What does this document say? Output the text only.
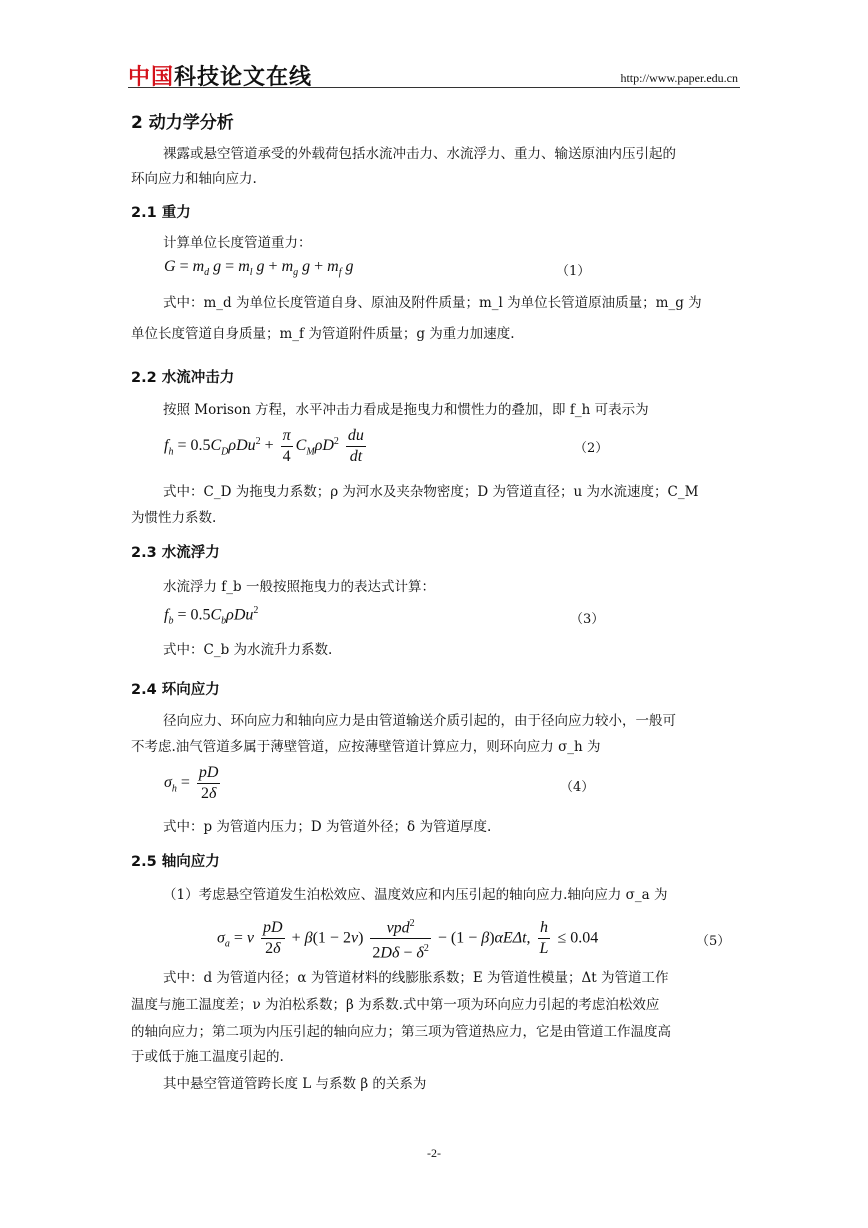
中国科技论文在线	http://www.paper.edu.cn
2 动力学分析
裸露或悬空管道承受的外载荷包括水流冲击力、水流浮力、重力、输送原油内压引起的
环向应力和轴向应力.
2.1 重力
计算单位长度管道重力：
$G = m_d$ $g = m_l$ $g + m_g$ $g + m_f$ g	（1）
式中：m_d 为单位长度管道自身、原油及附件质量；m_l 为单位长管道原油质量；m_g 为
单位长度管道自身质量；m_f 为管道附件质量；g 为重力加速度.
2.2 水流冲击力
按照 Morison 方程，水平冲击力看成是拖曳力和惯性力的叠加，即 f_h 可表示为
$f_h = 0.5C_D\rho Du^2 + \frac{\pi}{4} C_M\rho D^2 \frac{du}{dt}$	（2）
式中：C_D 为拖曳力系数；ρ 为河水及夹杂物密度；D 为管道直径；u 为水流速度；C_M
为惯性力系数.
2.3 水流浮力
水流浮力 f_b 一般按照拖曳力的表达式计算：
$f_b = 0.5C_b\rho Du^2$
（3）
式中：C_b 为水流升力系数.
2.4 环向应力
径向应力、环向应力和轴向应力是由管道输送介质引起的，由于径向应力较小，一般可
不考虑.油气管道多属于薄壁管道，应按薄壁管道计算应力，则环向应力 σ_h 为
$\sigma_h = \frac{pD}{2\delta}$	（4）
式中：p 为管道内压力；D 为管道外径；δ 为管道厚度.
2.5 轴向应力
（1）考虑悬空管道发生泊松效应、温度效应和内压引起的轴向应力.轴向应力 σ_a 为
$\sigma_a = \nu \frac{pD}{2\delta} + \beta(1 - 2\nu) \frac{\nu pd^2}{2D\delta - \delta^2} - (1 - \beta)\alpha E\Delta t$, $\frac{h}{L} \le 0.04$	（5）
式中：d 为管道内径；α 为管道材料的线膨胀系数；E 为管道性模量；Δt 为管道工作
温度与施工温度差；ν 为泊松系数；β 为系数.式中第一项为环向应力引起的考虑泊松效应
的轴向应力；第二项为内压引起的轴向应力；第三项为管道热应力，它是由管道工作温度高
于或低于施工温度引起的.
其中悬空管道管跨长度 L 与系数 β 的关系为
-2-
